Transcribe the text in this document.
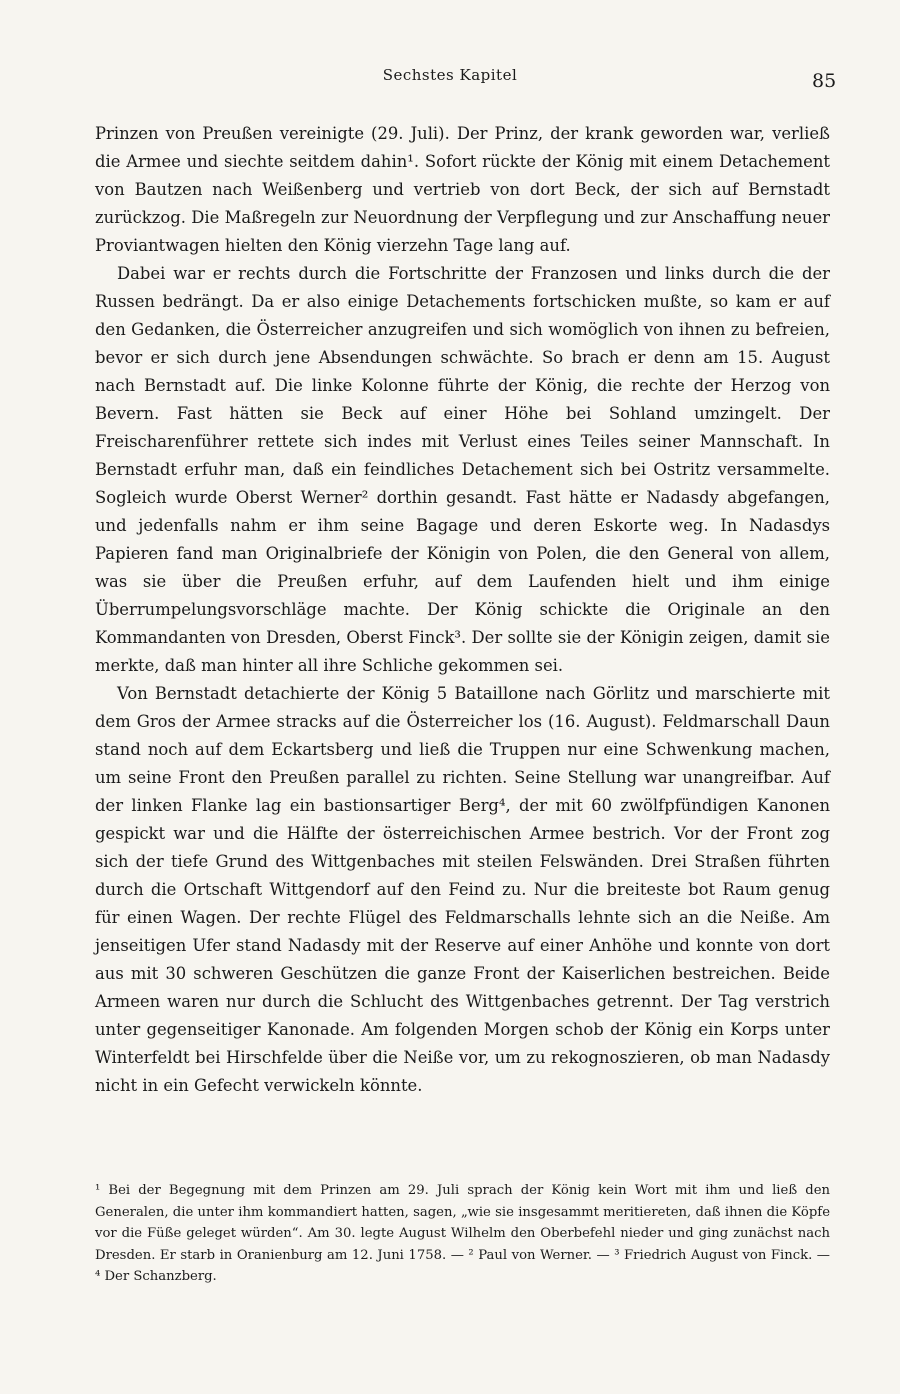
Sechstes Kapitel	85

Prinzen von Preußen vereinigte (29. Juli). Der Prinz, der krank geworden war, verließ die Armee und siechte seitdem dahin¹. Sofort rückte der König mit einem Detachement von Bautzen nach Weißenberg und vertrieb von dort Beck, der sich auf Bernstadt zurückzog. Die Maßregeln zur Neuordnung der Verpflegung und zur Anschaffung neuer Proviantwagen hielten den König vierzehn Tage lang auf.

Dabei war er rechts durch die Fortschritte der Franzosen und links durch die der Russen bedrängt. Da er also einige Detachements fortschicken mußte, so kam er auf den Gedanken, die Österreicher anzugreifen und sich womöglich von ihnen zu befreien, bevor er sich durch jene Absendungen schwächte. So brach er denn am 15. August nach Bernstadt auf. Die linke Kolonne führte der König, die rechte der Herzog von Bevern. Fast hätten sie Beck auf einer Höhe bei Sohland umzingelt. Der Freischarenführer rettete sich indes mit Verlust eines Teiles seiner Mannschaft. In Bernstadt erfuhr man, daß ein feindliches Detachement sich bei Ostritz versammelte. Sogleich wurde Oberst Werner² dorthin gesandt. Fast hätte er Nadasdy abgefangen, und jedenfalls nahm er ihm seine Bagage und deren Eskorte weg. In Nadasdys Papieren fand man Originalbriefe der Königin von Polen, die den General von allem, was sie über die Preußen erfuhr, auf dem Laufenden hielt und ihm einige Überrumpelungsvorschläge machte. Der König schickte die Originale an den Kommandanten von Dresden, Oberst Finck³. Der sollte sie der Königin zeigen, damit sie merkte, daß man hinter all ihre Schliche gekommen sei.

Von Bernstadt detachierte der König 5 Bataillone nach Görlitz und marschierte mit dem Gros der Armee stracks auf die Österreicher los (16. August). Feldmarschall Daun stand noch auf dem Eckartsberg und ließ die Truppen nur eine Schwenkung machen, um seine Front den Preußen parallel zu richten. Seine Stellung war unangreifbar. Auf der linken Flanke lag ein bastionsartiger Berg⁴, der mit 60 zwölfpfündigen Kanonen gespickt war und die Hälfte der österreichischen Armee bestrich. Vor der Front zog sich der tiefe Grund des Wittgenbaches mit steilen Felswänden. Drei Straßen führten durch die Ortschaft Wittgendorf auf den Feind zu. Nur die breiteste bot Raum genug für einen Wagen. Der rechte Flügel des Feldmarschalls lehnte sich an die Neiße. Am jenseitigen Ufer stand Nadasdy mit der Reserve auf einer Anhöhe und konnte von dort aus mit 30 schweren Geschützen die ganze Front der Kaiserlichen bestreichen. Beide Armeen waren nur durch die Schlucht des Wittgenbaches getrennt. Der Tag verstrich unter gegenseitiger Kanonade. Am folgenden Morgen schob der König ein Korps unter Winterfeldt bei Hirschfelde über die Neiße vor, um zu rekognoszieren, ob man Nadasdy nicht in ein Gefecht verwickeln könnte.

¹ Bei der Begegnung mit dem Prinzen am 29. Juli sprach der König kein Wort mit ihm und ließ den Generalen, die unter ihm kommandiert hatten, sagen, „wie sie insgesammt meritiereten, daß ihnen die Köpfe vor die Füße geleget würden“. Am 30. legte August Wilhelm den Oberbefehl nieder und ging zunächst nach Dresden. Er starb in Oranienburg am 12. Juni 1758. — ² Paul von Werner. — ³ Friedrich August von Finck. — ⁴ Der Schanzberg.
